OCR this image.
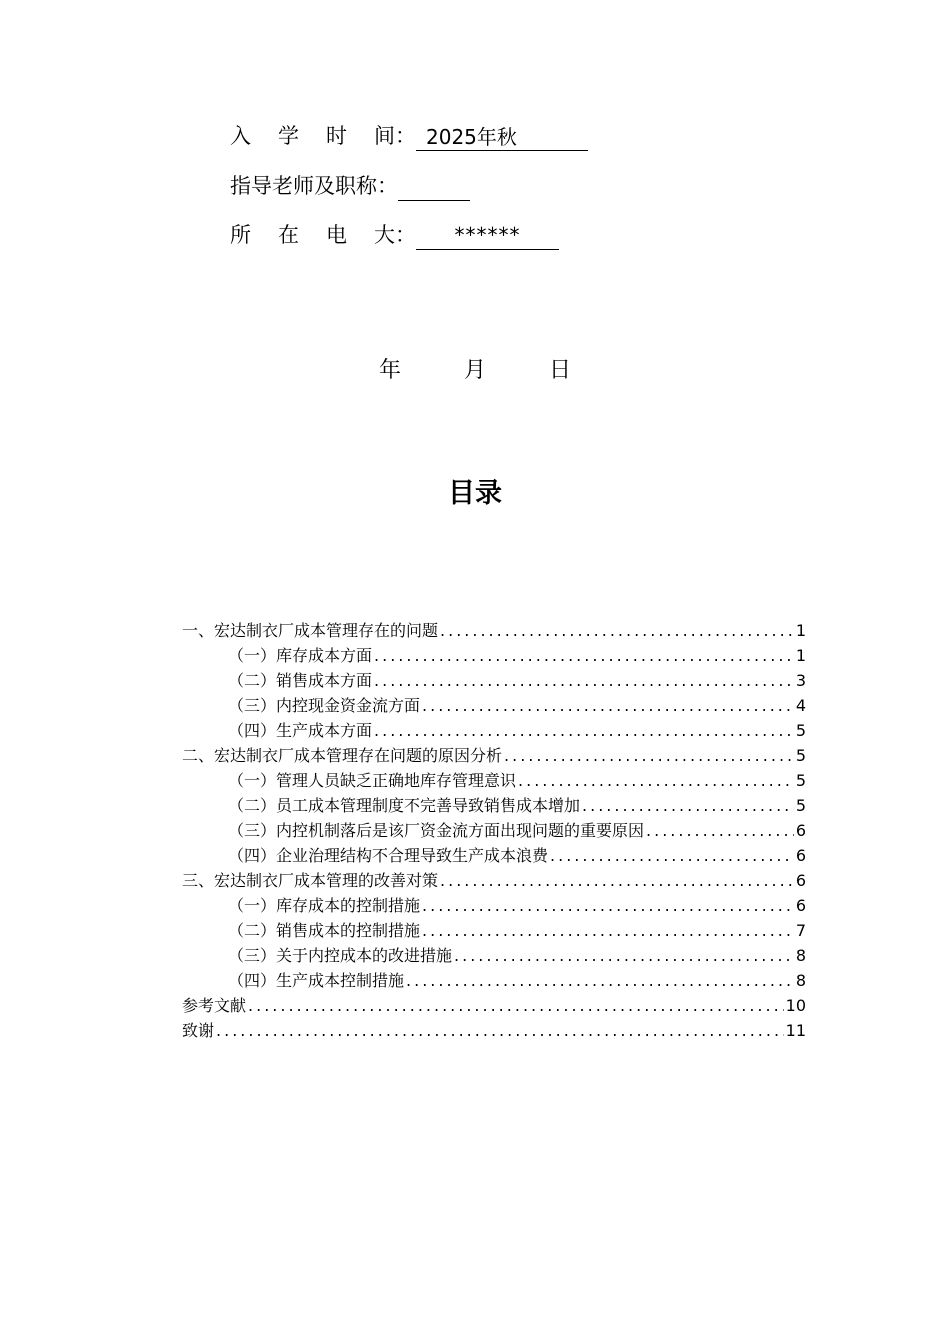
入 学 时 间： 2025年秋
指导老师及职称：
所 在 电 大：	******
年	月	日
目录
一、宏达制衣厂成本管理存在的问题 .....	1
（一）库存成本方面 .....	1
（二）销售成本方面 .....	3
（三）内控现金资金流方面 .....	4
（四）生产成本方面 .....	5
二、宏达制衣厂成本管理存在问题的原因分析 .....	5
（一）管理人员缺乏正确地库存管理意识 .....	5
（二）员工成本管理制度不完善导致销售成本增加 .....	5
（三）内控机制落后是该厂资金流方面出现问题的重要原因 .....	6
（四）企业治理结构不合理导致生产成本浪费 .....	6
三、宏达制衣厂成本管理的改善对策 .....	6
（一）库存成本的控制措施 .....	6
（二）销售成本的控制措施 .....	7
（三）关于内控成本的改进措施 .....	8
（四）生产成本控制措施 .....	8
参考文献 .....	10
致谢 .....	11
